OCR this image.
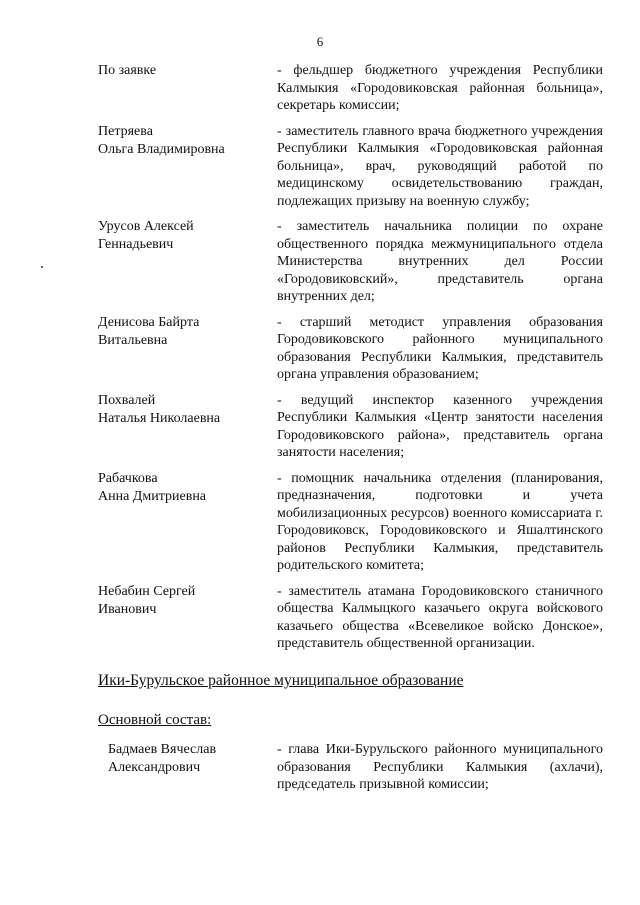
6
По заявке	- фельдшер бюджетного учреждения Республики Калмыкия «Городовиковская районная больница», секретарь комиссии;
Петряева
Ольга Владимировна
- заместитель главного врача бюджетного учреждения Республики Калмыкия «Городовиковская районная больница», врач, руководящий работой по медицинскому освидетельствованию граждан, подлежащих призыву на военную службу;
Урусов Алексей
Геннадьевич
- заместитель начальника полиции по охране общественного порядка межмуниципального отдела Министерства внутренних дел России «Городовиковский», представитель органа внутренних дел;
Денисова Байрта
Витальевна
- старший методист управления образования Городовиковского районного муниципального образования Республики Калмыкия, представитель органа управления образованием;
Похвалей
Наталья Николаевна
- ведущий инспектор казенного учреждения Республики Калмыкия «Центр занятости населения Городовиковского района», представитель органа занятости населения;
Рабачкова
Анна Дмитриевна
- помощник начальника отделения (планирования, предназначения, подготовки и учета мобилизационных ресурсов) военного комиссариата г. Городовиковск, Городовиковского и Яшалтинского районов Республики Калмыкия, представитель родительского комитета;
Небабин Сергей
Иванович
- заместитель атамана Городовиковского станичного общества Калмыцкого казачьего округа войскового казачьего общества «Всевеликое войско Донское», представитель общественной организации.
Ики-Бурульское районное муниципальное образование
Основной состав:
Бадмаев Вячеслав
Александрович
- глава Ики-Бурульского районного муниципального образования Республики Калмыкия (ахлачи), председатель призывной комиссии;
